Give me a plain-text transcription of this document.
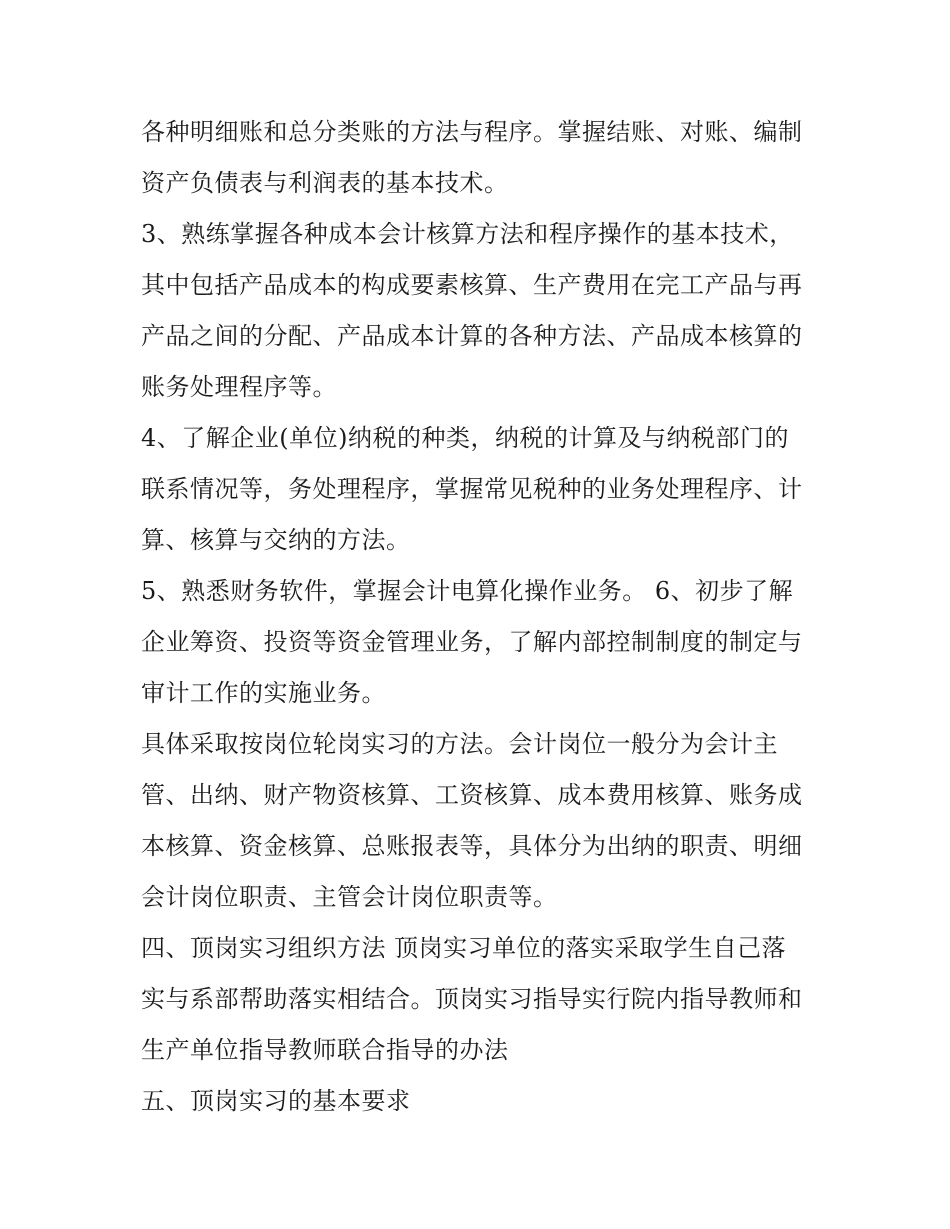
各种明细账和总分类账的方法与程序。掌握结账、对账、编制
资产负债表与利润表的基本技术。
3、熟练掌握各种成本会计核算方法和程序操作的基本技术，
其中包括产品成本的构成要素核算、生产费用在完工产品与再
产品之间的分配、产品成本计算的各种方法、产品成本核算的
账务处理程序等。
4、了解企业(单位)纳税的种类，纳税的计算及与纳税部门的
联系情况等，务处理程序，掌握常见税种的业务处理程序、计
算、核算与交纳的方法。
5、熟悉财务软件，掌握会计电算化操作业务。 6、初步了解
企业筹资、投资等资金管理业务，了解内部控制制度的制定与
审计工作的实施业务。
具体采取按岗位轮岗实习的方法。会计岗位一般分为会计主
管、出纳、财产物资核算、工资核算、成本费用核算、账务成
本核算、资金核算、总账报表等，具体分为出纳的职责、明细
会计岗位职责、主管会计岗位职责等。
四、顶岗实习组织方法 顶岗实习单位的落实采取学生自己落
实与系部帮助落实相结合。顶岗实习指导实行院内指导教师和
生产单位指导教师联合指导的办法
五、顶岗实习的基本要求
